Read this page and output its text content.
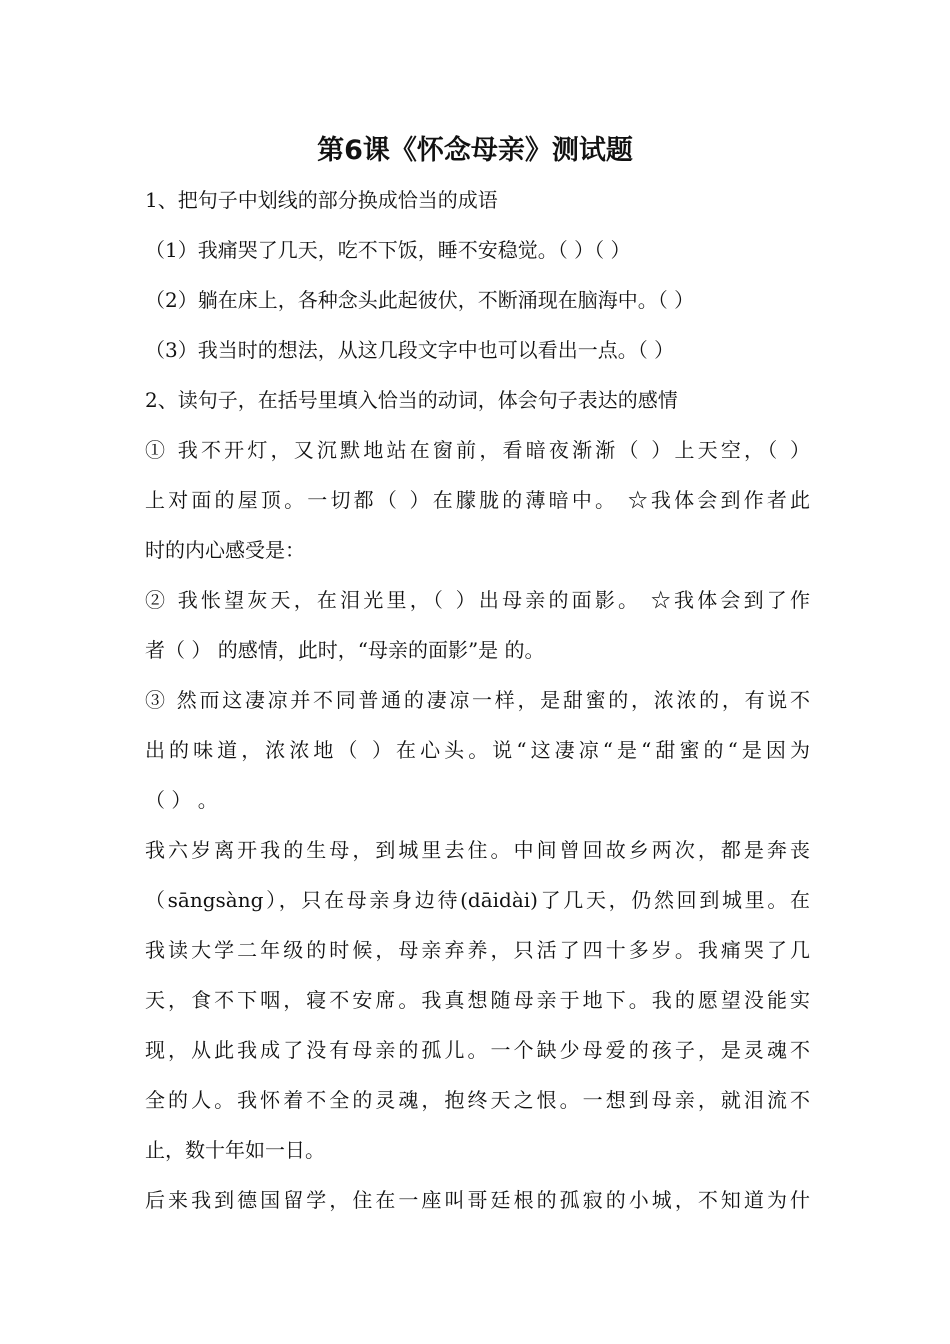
第6课《怀念母亲》测试题
1、把句子中划线的部分换成恰当的成语
（1）我痛哭了几天，吃不下饭，睡不安稳觉。（ ）（ ）
（2）躺在床上，各种念头此起彼伏，不断涌现在脑海中。（ ）
（3）我当时的想法，从这几段文字中也可以看出一点。（ ）
2、读句子，在括号里填入恰当的动词，体会句子表达的感情
① 我不开灯，又沉默地站在窗前，看暗夜渐渐（ ）上天空，（ ）
上对面的屋顶。一切都（ ）在朦胧的薄暗中。 ☆我体会到作者此
时的内心感受是：
② 我怅望灰天，在泪光里，（ ）出母亲的面影。 ☆我体会到了作
者（ ） 的感情，此时，“母亲的面影”是 的。
③ 然而这凄凉并不同普通的凄凉一样，是甜蜜的，浓浓的，有说不
出的味道，浓浓地（ ）在心头。说“这凄凉“是“甜蜜的“是因为
（ ） 。
我六岁离开我的生母，到城里去住。中间曾回故乡两次，都是奔丧
（sāngsàng），只在母亲身边待(dāidài)了几天，仍然回到城里。在
我读大学二年级的时候，母亲弃养，只活了四十多岁。我痛哭了几
天，食不下咽，寝不安席。我真想随母亲于地下。我的愿望没能实
现，从此我成了没有母亲的孤儿。一个缺少母爱的孩子，是灵魂不
全的人。我怀着不全的灵魂，抱终天之恨。一想到母亲，就泪流不
止，数十年如一日。
后来我到德国留学，住在一座叫哥廷根的孤寂的小城，不知道为什
